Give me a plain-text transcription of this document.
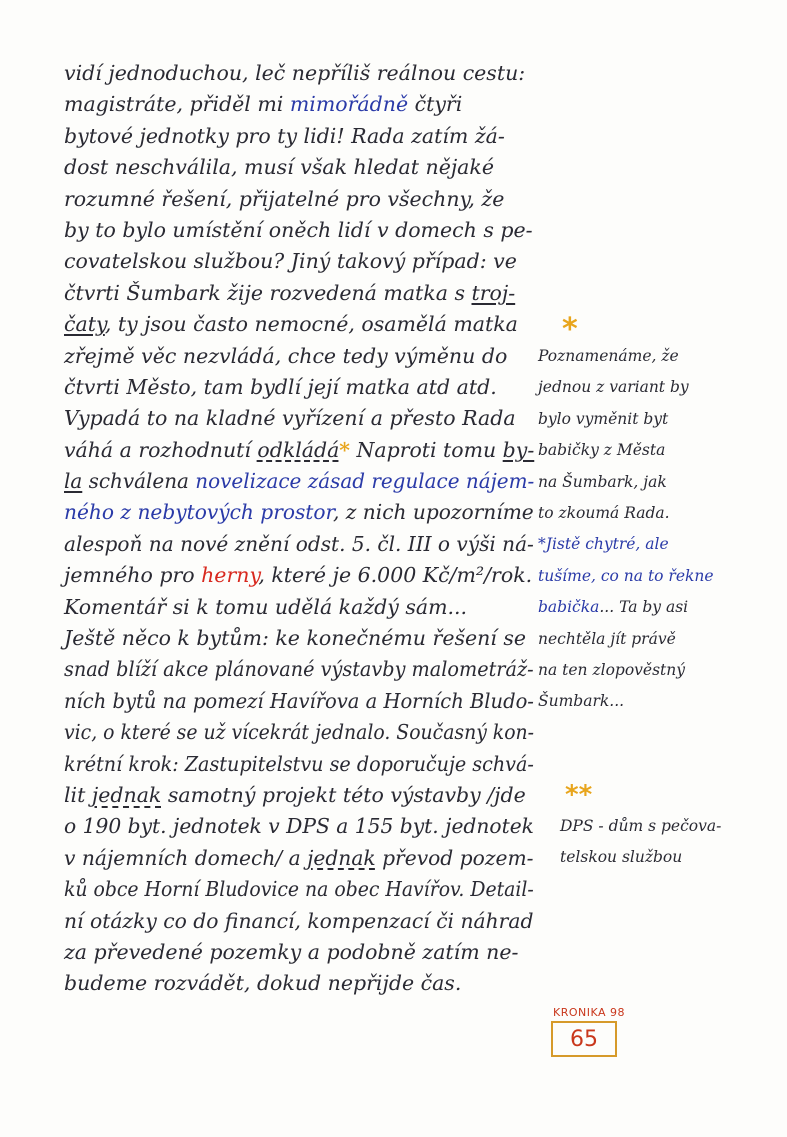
vidí jednoduchou, leč nepříliš reálnou cestu:
magistráte, přiděl mi mimořádně čtyři
bytové jednotky pro ty lidi! Rada zatím žá-
dost neschválila, musí však hledat nějaké
rozumné řešení, přijatelné pro všechny, že
by to bylo umístění oněch lidí v domech s pe-
covatelskou službou? Jiný takový případ: ve
čtvrti Šumbark žije rozvedená matka s troj-
čaty, ty jsou často nemocné, osamělá matka
zřejmě věc nezvládá, chce tedy výměnu do
čtvrti Město, tam bydlí její matka atd atd.
Vypadá to na kladné vyřízení a přesto Rada
váhá a rozhodnutí odkládá* Naproti tomu by-
la schválena novelizace zásad regulace nájem-
ného z nebytových prostor, z nich upozorníme
alespoň na nové znění odst. 5. čl. III o výši ná-
jemného pro herny, které je 6.000 Kč/m²/rok.
Komentář si k tomu udělá každý sám...
Ještě něco k bytům: ke konečnému řešení se
snad blíží akce plánované výstavby malometráž-
ních bytů na pomezí Havířova a Horních Bludo-
vic, o které se už vícekrát jednalo. Současný kon-
krétní krok: Zastupitelstvu se doporučuje schvá-
lit jednak samotný projekt této výstavby /jde
o 190 byt. jednotek v DPS a 155 byt. jednotek
v nájemních domech/ a jednak převod pozem-
ků obce Horní Bludovice na obec Havířov. Detail-
ní otázky co do financí, kompenzací či náhrad
za převedené pozemky a podobně zatím ne-
budeme rozvádět, dokud nepřijde čas.
*
Poznamenáme, že
jednou z variant by
bylo vyměnit byt
babičky z Města
na Šumbark, jak
to zkoumá Rada.
*Jistě chytré, ale
tušíme, co na to řekne
babička... Ta by asi
nechtěla jít právě
na ten zlopověstný
Šumbark...
**
DPS - dům s pečova-
telskou službou
KRONIKA 98
65
